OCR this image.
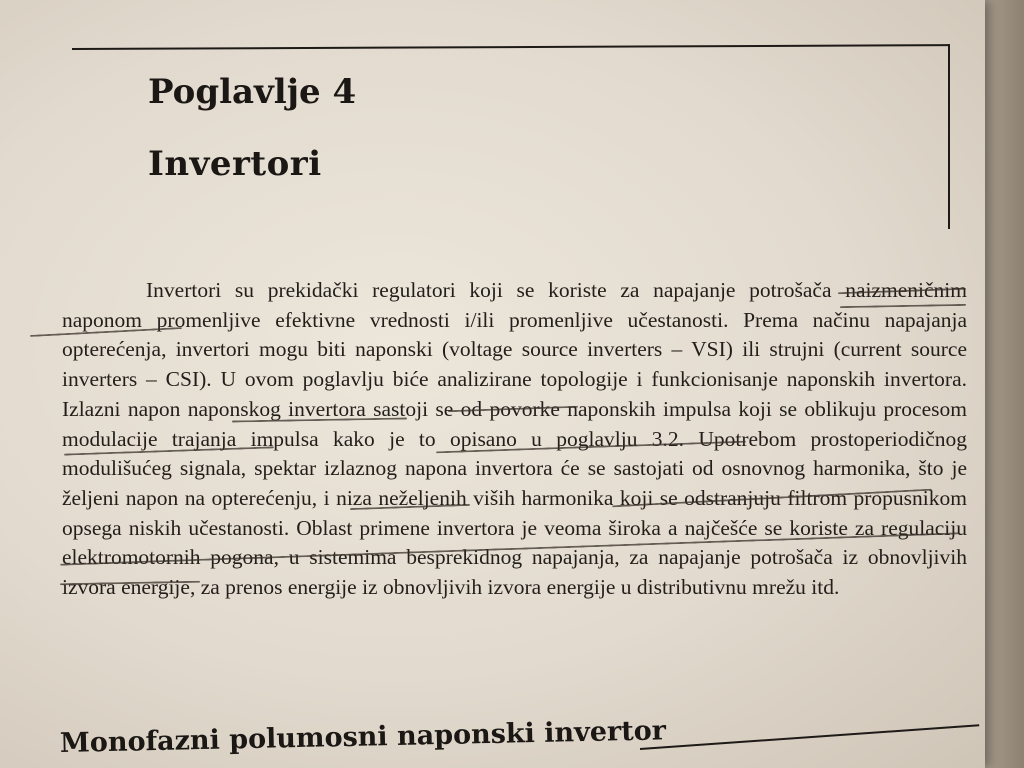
Poglavlje 4
Invertori

Invertori su prekidački regulatori koji se koriste za napajanje potrošača naizmeničnim naponom promenljive efektivne vrednosti i/ili promenljive učestanosti. Prema načinu napajanja opterećenja, invertori mogu biti naponski (voltage source inverters – VSI) ili strujni (current source inverters – CSI). U ovom poglavlju biće analizirane topologije i funkcionisanje naponskih invertora. Izlazni napon naponskog invertora sastoji se od povorke naponskih impulsa koji se oblikuju procesom modulacije trajanja impulsa kako je to opisano u poglavlju 3.2. Upotrebom prostoperiodičnog modulišućeg signala, spektar izlaznog napona invertora će se sastojati od osnovnog harmonika, što je željeni napon na opterećenju, i niza neželjenih viših harmonika koji se odstranjuju filtrom propusnikom opsega niskih učestanosti. Oblast primene invertora je veoma široka a najčešće se koriste za regulaciju elektromotornih pogona, u sistemima besprekidnog napajanja, za napajanje potrošača iz obnovljivih izvora energije, za prenos energije iz obnovljivih izvora energije u distributivnu mrežu itd.

Monofazni polumosni naponski invertor
